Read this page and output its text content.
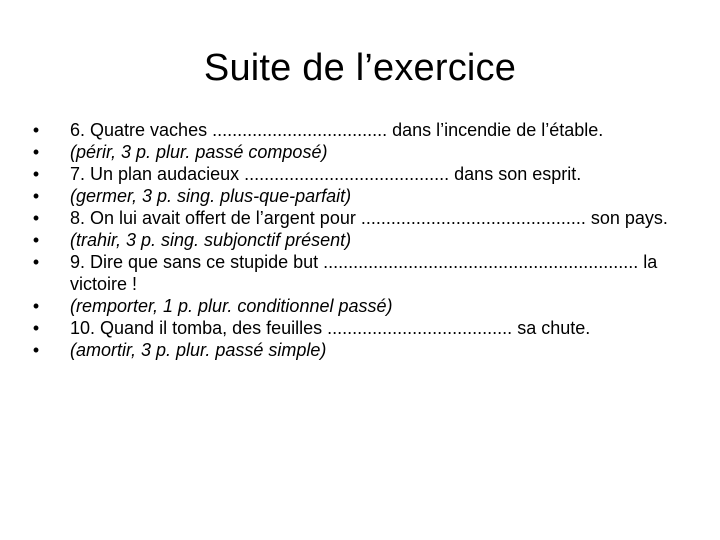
Suite de l’exercice
•	6. Quatre vaches ................................... dans l’incendie de l’étable.
•	(périr, 3 p. plur. passé composé)
•	7. Un plan audacieux ......................................... dans son esprit.
•	(germer, 3 p. sing. plus-que-parfait)
•	8. On lui avait offert de l’argent pour ............................................. son pays.
•	(trahir, 3 p. sing. subjonctif présent)
•	9. Dire que sans ce stupide but ............................................................... la victoire !
•	(remporter, 1 p. plur. conditionnel passé)
•	10. Quand il tomba, des feuilles ..................................... sa chute.
•	(amortir, 3 p. plur. passé simple)
